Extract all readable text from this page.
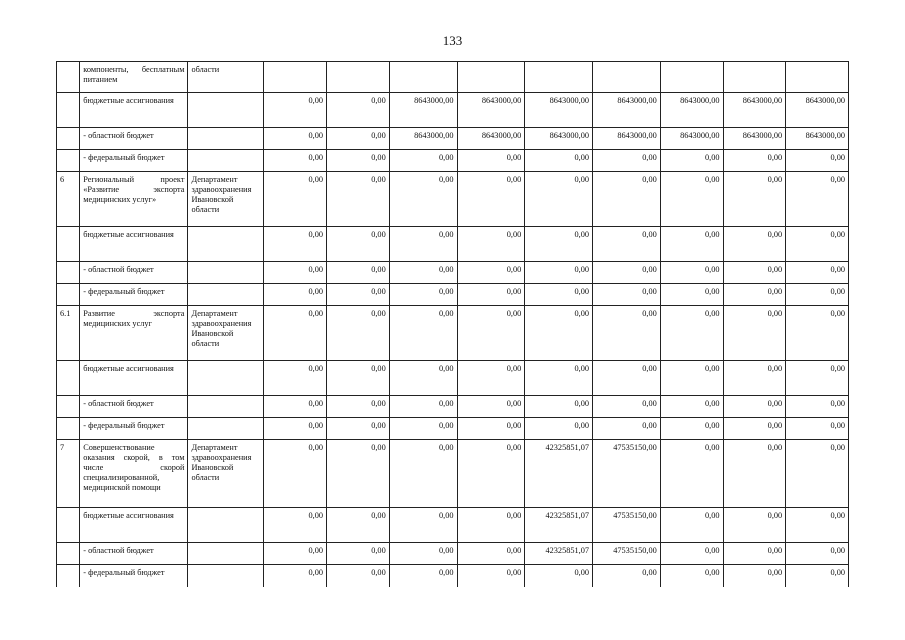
133
	компоненты, бесплатным питанием	области									
	бюджетные ассигнования		0,00	0,00	8643000,00	8643000,00	8643000,00	8643000,00	8643000,00	8643000,00	8643000,00
	- областной бюджет		0,00	0,00	8643000,00	8643000,00	8643000,00	8643000,00	8643000,00	8643000,00	8643000,00
	- федеральный бюджет		0,00	0,00	0,00	0,00	0,00	0,00	0,00	0,00	0,00
6	Региональный проект «Развитие экспорта медицинских услуг»	Департамент здравоохранения Ивановской области	0,00	0,00	0,00	0,00	0,00	0,00	0,00	0,00	0,00
	бюджетные ассигнования		0,00	0,00	0,00	0,00	0,00	0,00	0,00	0,00	0,00
	- областной бюджет		0,00	0,00	0,00	0,00	0,00	0,00	0,00	0,00	0,00
	- федеральный бюджет		0,00	0,00	0,00	0,00	0,00	0,00	0,00	0,00	0,00
6.1	Развитие экспорта медицинских услуг	Департамент здравоохранения Ивановской области	0,00	0,00	0,00	0,00	0,00	0,00	0,00	0,00	0,00
	бюджетные ассигнования		0,00	0,00	0,00	0,00	0,00	0,00	0,00	0,00	0,00
	- областной бюджет		0,00	0,00	0,00	0,00	0,00	0,00	0,00	0,00	0,00
	- федеральный бюджет		0,00	0,00	0,00	0,00	0,00	0,00	0,00	0,00	0,00
7	Совершенствование оказания скорой, в том числе скорой специализированной, медицинской помощи	Департамент здравоохранения Ивановской области	0,00	0,00	0,00	0,00	42325851,07	47535150,00	0,00	0,00	0,00
	бюджетные ассигнования		0,00	0,00	0,00	0,00	42325851,07	47535150,00	0,00	0,00	0,00
	- областной бюджет		0,00	0,00	0,00	0,00	42325851,07	47535150,00	0,00	0,00	0,00
	- федеральный бюджет		0,00	0,00	0,00	0,00	0,00	0,00	0,00	0,00	0,00
